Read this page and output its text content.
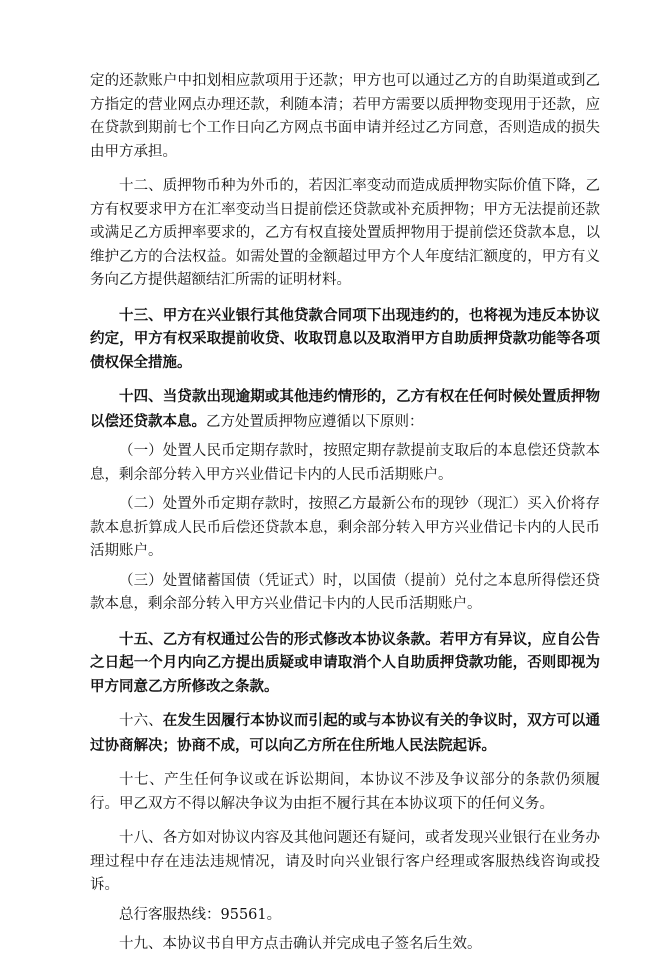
定的还款账户中扣划相应款项用于还款；甲方也可以通过乙方的自助渠道或到乙方指定的营业网点办理还款，利随本清；若甲方需要以质押物变现用于还款，应在贷款到期前七个工作日向乙方网点书面申请并经过乙方同意，否则造成的损失由甲方承担。

十二、质押物币种为外币的，若因汇率变动而造成质押物实际价值下降，乙方有权要求甲方在汇率变动当日提前偿还贷款或补充质押物；甲方无法提前还款或满足乙方质押率要求的，乙方有权直接处置质押物用于提前偿还贷款本息，以维护乙方的合法权益。如需处置的金额超过甲方个人年度结汇额度的，甲方有义务向乙方提供超额结汇所需的证明材料。

十三、甲方在兴业银行其他贷款合同项下出现违约的，也将视为违反本协议约定，甲方有权采取提前收贷、收取罚息以及取消甲方自助质押贷款功能等各项债权保全措施。

十四、当贷款出现逾期或其他违约情形的，乙方有权在任何时候处置质押物以偿还贷款本息。乙方处置质押物应遵循以下原则：

（一）处置人民币定期存款时，按照定期存款提前支取后的本息偿还贷款本息，剩余部分转入甲方兴业借记卡内的人民币活期账户。

（二）处置外币定期存款时，按照乙方最新公布的现钞（现汇）买入价将存款本息折算成人民币后偿还贷款本息，剩余部分转入甲方兴业借记卡内的人民币活期账户。

（三）处置储蓄国债（凭证式）时，以国债（提前）兑付之本息所得偿还贷款本息，剩余部分转入甲方兴业借记卡内的人民币活期账户。

十五、乙方有权通过公告的形式修改本协议条款。若甲方有异议，应自公告之日起一个月内向乙方提出质疑或申请取消个人自助质押贷款功能，否则即视为甲方同意乙方所修改之条款。

十六、在发生因履行本协议而引起的或与本协议有关的争议时，双方可以通过协商解决；协商不成，可以向乙方所在住所地人民法院起诉。

十七、产生任何争议或在诉讼期间，本协议不涉及争议部分的条款仍须履行。甲乙双方不得以解决争议为由拒不履行其在本协议项下的任何义务。

十八、各方如对协议内容及其他问题还有疑问，或者发现兴业银行在业务办理过程中存在违法违规情况，请及时向兴业银行客户经理或客服热线咨询或投诉。

总行客服热线：95561。

十九、本协议书自甲方点击确认并完成电子签名后生效。
